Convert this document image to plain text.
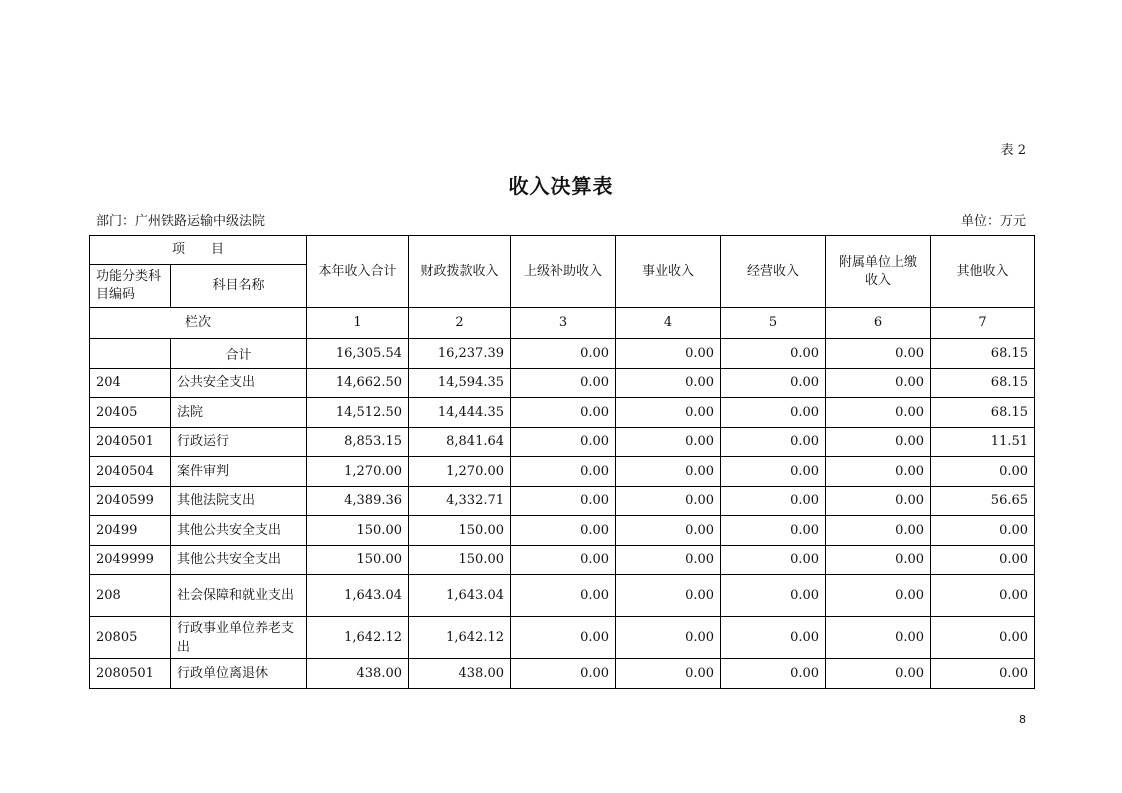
表 2
收入决算表
部门：广州铁路运输中级法院	单位：万元
项　　目		本年收入合计	财政拨款收入	上级补助收入	事业收入	经营收入	附属单位上缴收入	其他收入
功能分类科目编码	科目名称							
栏次		1	2	3	4	5	6	7
	合计	16,305.54	16,237.39	0.00	0.00	0.00	0.00	68.15
204	公共安全支出	14,662.50	14,594.35	0.00	0.00	0.00	0.00	68.15
20405	法院	14,512.50	14,444.35	0.00	0.00	0.00	0.00	68.15
2040501	行政运行	8,853.15	8,841.64	0.00	0.00	0.00	0.00	11.51
2040504	案件审判	1,270.00	1,270.00	0.00	0.00	0.00	0.00	0.00
2040599	其他法院支出	4,389.36	4,332.71	0.00	0.00	0.00	0.00	56.65
20499	其他公共安全支出	150.00	150.00	0.00	0.00	0.00	0.00	0.00
2049999	其他公共安全支出	150.00	150.00	0.00	0.00	0.00	0.00	0.00
208	社会保障和就业支出	1,643.04	1,643.04	0.00	0.00	0.00	0.00	0.00
20805	行政事业单位养老支出	1,642.12	1,642.12	0.00	0.00	0.00	0.00	0.00
2080501	行政单位离退休	438.00	438.00	0.00	0.00	0.00	0.00	0.00
8
